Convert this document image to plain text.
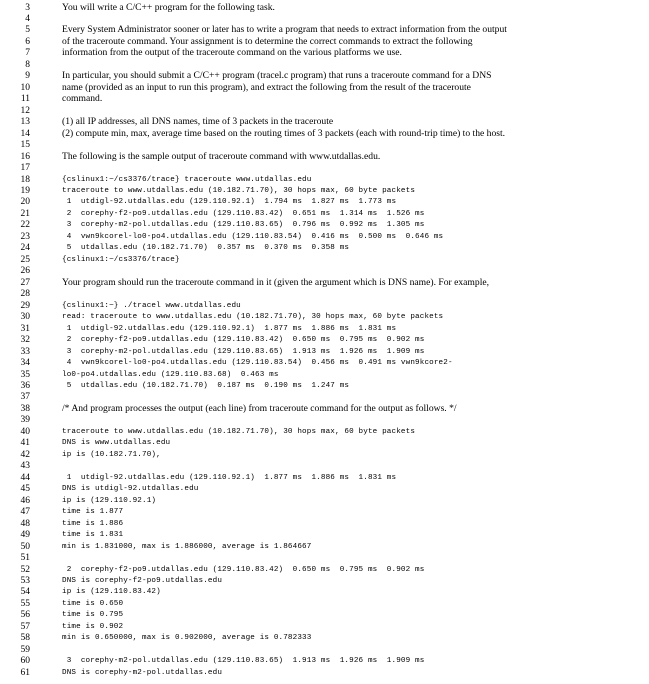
3	You will write a C/C++ program for the following task.
4
5	Every System Administrator sooner or later has to write a program that needs to extract information from the output
6	of the traceroute command. Your assignment is to determine the correct commands to extract the following
7	information from the output of the traceroute command on the various platforms we use.
8
9	In particular, you should submit a C/C++ program (tracel.c program) that runs a traceroute command for a DNS
10	name (provided as an input to run this program), and extract the following from the result of the traceroute
11	command.
12
13	(1) all IP addresses, all DNS names, time of 3 packets in the traceroute
14	(2) compute min, max, average time based on the routing times of 3 packets (each with round-trip time) to the host.
15
16	The following is the sample output of traceroute command with www.utdallas.edu.
17
18	{cslinux1:~/cs3376/trace} traceroute www.utdallas.edu
19	traceroute to www.utdallas.edu (10.182.71.70), 30 hops max, 60 byte packets
20	1  utdigl-92.utdallas.edu (129.110.92.1)  1.794 ms  1.827 ms  1.773 ms
21	2  corephy-f2-po9.utdallas.edu (129.110.83.42)  0.651 ms  1.314 ms  1.526 ms
22	3  corephy-m2-pol.utdallas.edu (129.110.83.65)  0.796 ms  0.992 ms  1.305 ms
23	4  vwn9kcorel-lo0-po4.utdallas.edu (129.110.83.54)  0.416 ms  0.500 ms  0.646 ms
24	5  utdallas.edu (10.182.71.70)  0.357 ms  0.370 ms  0.358 ms
25	{cslinux1:~/cs3376/trace}
26
27	Your program should run the traceroute command in it (given the argument which is DNS name). For example,
28
29	{cslinux1:~} ./tracel www.utdallas.edu
30	read: traceroute to www.utdallas.edu (10.182.71.70), 30 hops max, 60 byte packets
31	1  utdigl-92.utdallas.edu (129.110.92.1)  1.877 ms  1.886 ms  1.831 ms
32	2  corephy-f2-po9.utdallas.edu (129.110.83.42)  0.650 ms  0.795 ms  0.902 ms
33	3  corephy-m2-pol.utdallas.edu (129.110.83.65)  1.913 ms  1.926 ms  1.909 ms
34	4  vwn9kcorel-lo0-po4.utdallas.edu (129.110.83.54)  0.456 ms  0.491 ms vwn9kcore2-
35	lo0-po4.utdallas.edu (129.110.83.68)  0.463 ms
36	5  utdallas.edu (10.182.71.70)  0.187 ms  0.190 ms  1.247 ms
37
38	/* And program processes the output (each line) from traceroute command for the output as follows. */
39
40	traceroute to www.utdallas.edu (10.182.71.70), 30 hops max, 60 byte packets
41	DNS is www.utdallas.edu
42	ip is (10.182.71.70),
43
44	1  utdigl-92.utdallas.edu (129.110.92.1)  1.877 ms  1.886 ms  1.831 ms
45	DNS is utdigl-92.utdallas.edu
46	ip is (129.110.92.1)
47	time is 1.877
48	time is 1.886
49	time is 1.831
50	min is 1.831000, max is 1.886000, average is 1.864667
51
52	2  corephy-f2-po9.utdallas.edu (129.110.83.42)  0.650 ms  0.795 ms  0.902 ms
53	DNS is corephy-f2-po9.utdallas.edu
54	ip is (129.110.83.42)
55	time is 0.650
56	time is 0.795
57	time is 0.902
58	min is 0.650000, max is 0.902000, average is 0.782333
59
60	3  corephy-m2-pol.utdallas.edu (129.110.83.65)  1.913 ms  1.926 ms  1.909 ms
61	DNS is corephy-m2-pol.utdallas.edu
